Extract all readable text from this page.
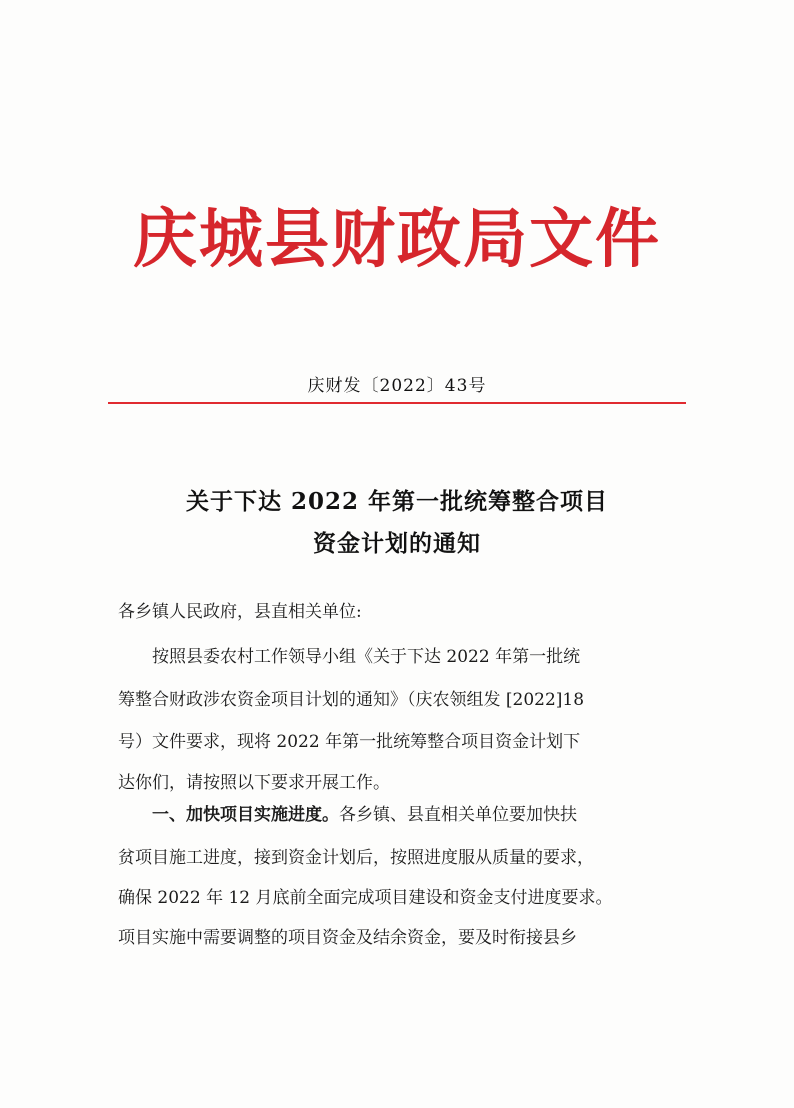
庆城县财政局文件
庆财发〔2022〕43号
关于下达 2022 年第一批统筹整合项目
资金计划的通知
各乡镇人民政府，县直相关单位:
按照县委农村工作领导小组《关于下达 2022 年第一批统
筹整合财政涉农资金项目计划的通知》（庆农领组发 [2022]18
号）文件要求，现将 2022 年第一批统筹整合项目资金计划下
达你们，请按照以下要求开展工作。
一、加快项目实施进度。各乡镇、县直相关单位要加快扶
贫项目施工进度，接到资金计划后，按照进度服从质量的要求，
确保 2022 年 12 月底前全面完成项目建设和资金支付进度要求。
项目实施中需要调整的项目资金及结余资金，要及时衔接县乡
